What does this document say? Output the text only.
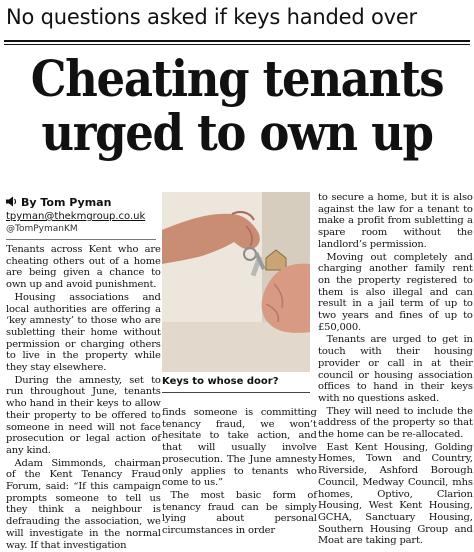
No questions asked if keys handed over
Cheating tenants
urged to own up
By Tom Pyman
tpyman@thekmgroup.co.uk
@TomPymanKM

Tenants across Kent who are cheating others out of a home are being given a chance to own up and avoid punishment.

Housing associations and local authorities are offering a ‘key amnesty’ to those who are subletting their home without permission or charging others to live in the property while they stay elsewhere.

During the amnesty, set to run throughout June, tenants who hand in their keys to allow their property to be offered to someone in need will not face prosecution or legal action of any kind.

Adam Simmonds, chairman of the Kent Tenancy Fraud Forum, said: “If this campaign prompts someone to tell us they think a neighbour is defrauding the association, we will investigate in the normal way. If that investigation

Keys to whose door?

finds someone is committing tenancy fraud, we won’t hesitate to take action, and that will usually involve prosecution. The June amnesty only applies to tenants who come to us.”

The most basic form of tenancy fraud can be simply lying about personal circumstances in order

to secure a home, but it is also against the law for a tenant to make a profit from subletting a spare room without the landlord’s permission.

Moving out completely and charging another family rent on the property registered to them is also illegal and can result in a jail term of up to two years and fines of up to £50,000.

Tenants are urged to get in touch with their housing provider or call in at their council or housing association offices to hand in their keys with no questions asked.

They will need to include the address of the property so that the home can be re-allocated.

East Kent Housing, Golding Homes, Town and Country, Riverside, Ashford Borough Council, Medway Council, mhs homes, Optivo, Clarion Housing, West Kent Housing, GCHA, Sanctuary Housing, Southern Housing Group and Moat are taking part.
